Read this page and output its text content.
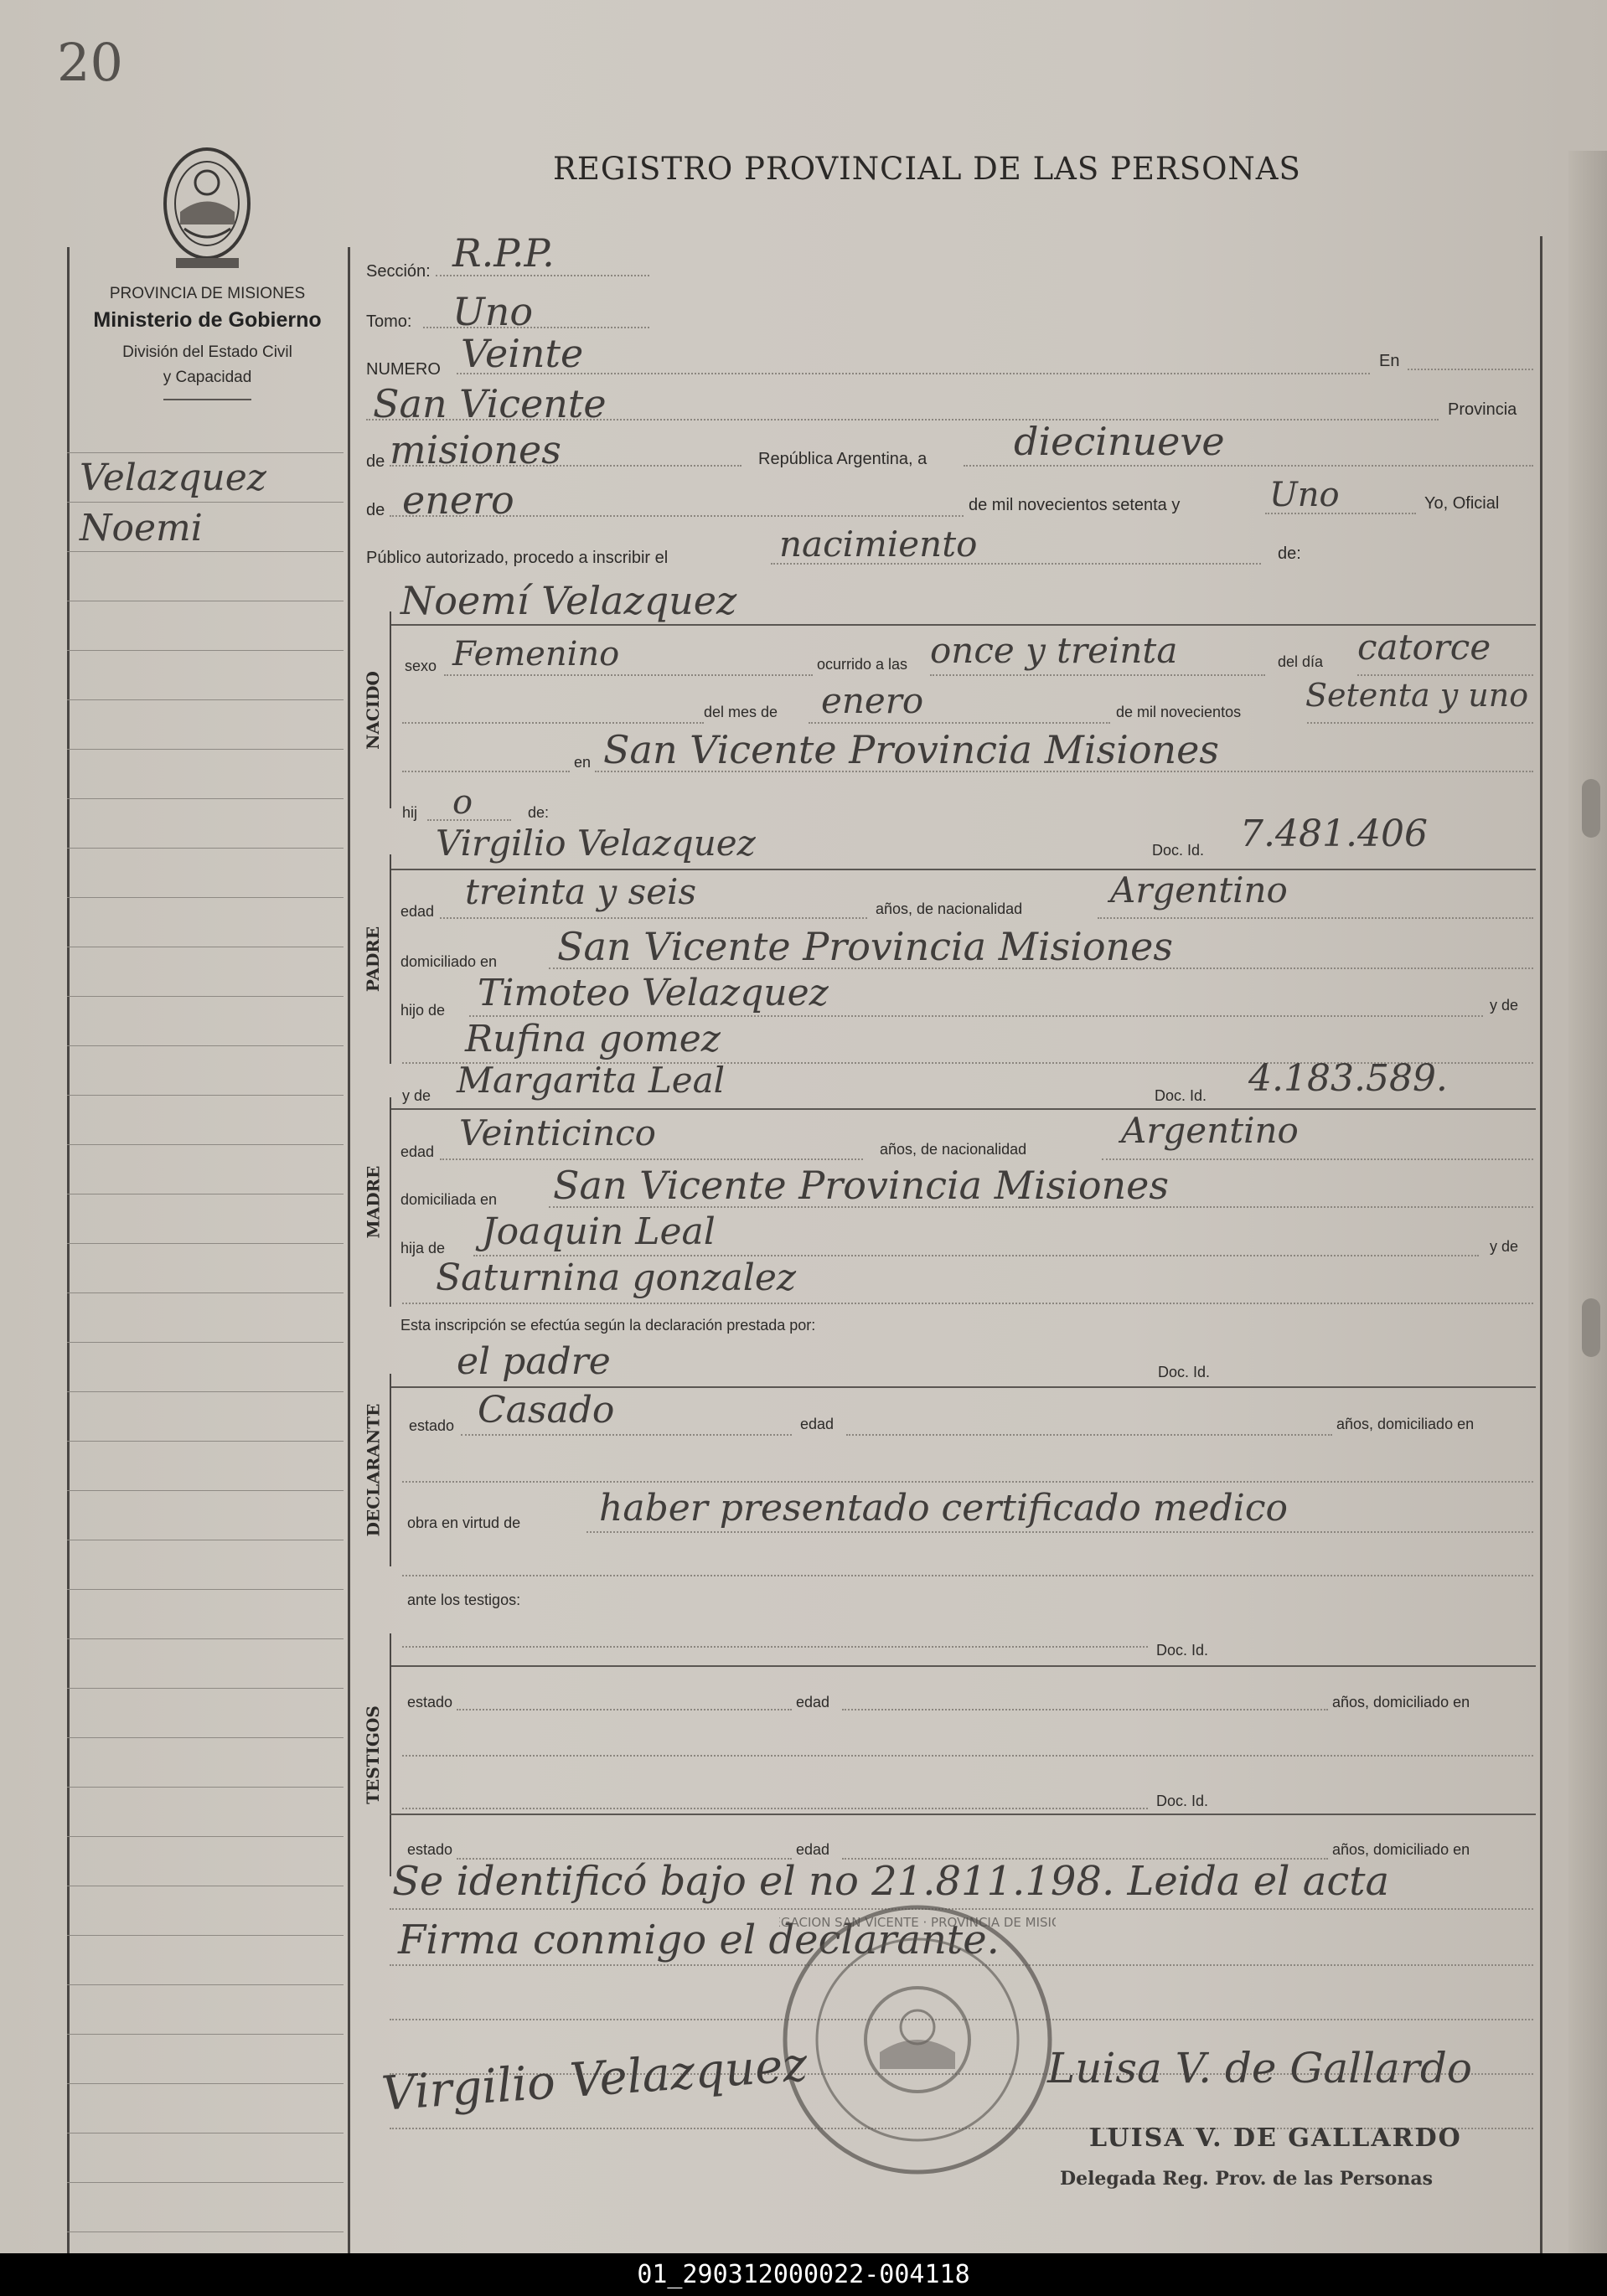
20
REGISTRO PROVINCIAL DE LAS PERSONAS
PROVINCIA DE MISIONES
Ministerio de Gobierno
División del Estado Civil
y Capacidad
Velazquez
Noemi
Sección: R.P.P.
Tomo: Uno
NUMERO Veinte	En
San Vicente	Provincia
de misiones	República Argentina, a diecinueve
de enero	de mil novecientos setenta y	Uno	Yo, Oficial
Público autorizado, procedo a inscribir el	nacimiento	de:
Noemí Velazquez
NACIDO
sexo Femenino	ocurrido a las once y treinta	del día catorce
del mes de enero	de mil novecientos Setenta y uno
en San Vicente Provincia Misiones
hij o	de:
Virgilio Velazquez	Doc. Id. 7.481.406
PADRE
edad treinta y seis	años, de nacionalidad Argentino
domiciliado en San Vicente Provincia Misiones
hijo de Timoteo Velazquez	y de
Rufina gomez
y de Margarita Leal	Doc. Id. 4.183.589.
MADRE
edad Veinticinco	años, de nacionalidad	Argentino
domiciliada en San Vicente Provincia Misiones
hija de Joaquin Leal	y de
Saturnina gonzalez
Esta inscripción se efectúa según la declaración prestada por:
el padre	Doc. Id.
DECLARANTE estado Casado	edad	años, domiciliado en
obra en virtud de haber presentado certificado medico
ante los testigos:
Doc. Id.
TESTIGOS
estado	edad	años, domiciliado en
Doc. Id.
estado	edad	años, domiciliado en
Se identificó bajo el no 21.811.198. Leida el acta
Firma conmigo el declarante.
GACION SAN VICENTE · PROVINCIA DE MISI
Virgilio Velazquez	Luisa V. de Gallardo
LUISA V. DE GALLARDO
Delegada Reg. Prov. de las Personas
01_290312000022-004118
